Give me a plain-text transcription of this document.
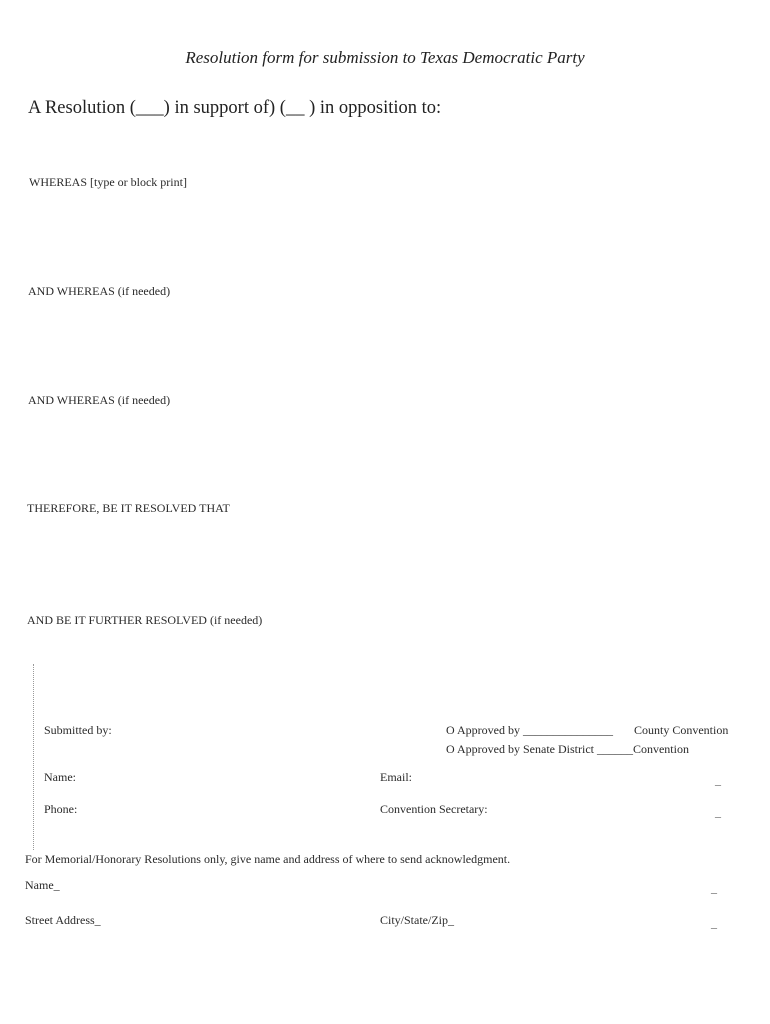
Resolution form for submission to Texas Democratic Party
A Resolution (___) in support of) (__ ) in opposition to:
WHEREAS [type or block print]
AND WHEREAS (if needed)
AND WHEREAS (if needed)
THEREFORE, BE IT RESOLVED THAT
AND BE IT FURTHER RESOLVED (if needed)
Submitted by:	O Approved by _______________ County Convention
O Approved by Senate District ______Convention
Name:	Email:	_
Phone:	Convention Secretary:	_
For Memorial/Honorary Resolutions only, give name and address of where to send acknowledgment.
Name_	_
Street Address_	City/State/Zip_	_
